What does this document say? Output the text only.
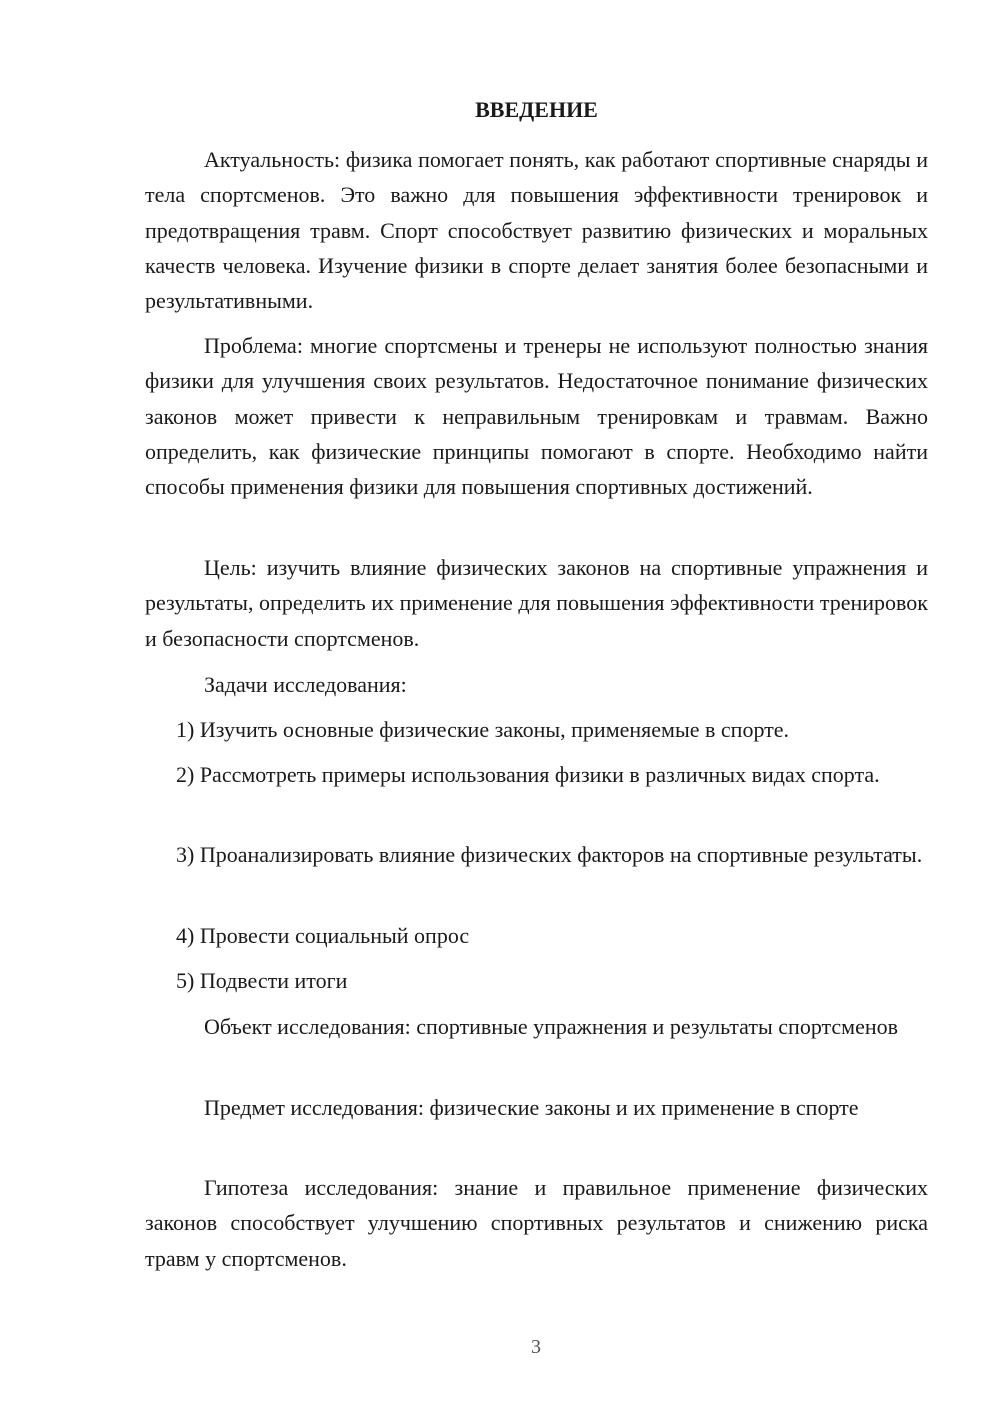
ВВЕДЕНИЕ

Актуальность: физика помогает понять, как работают спортивные снаряды и тела спортсменов. Это важно для повышения эффективности тренировок и предотвращения травм. Спорт способствует развитию физических и моральных качеств человека. Изучение физики в спорте делает занятия более безопасными и результативными.

Проблема: многие спортсмены и тренеры не используют полностью знания физики для улучшения своих результатов. Недостаточное понимание физических законов может привести к неправильным тренировкам и травмам. Важно определить, как физические принципы помогают в спорте. Необходимо найти способы применения физики для повышения спортивных достижений.

Цель: изучить влияние физических законов на спортивные упражнения и результаты, определить их применение для повышения эффективности тренировок и безопасности спортсменов.

Задачи исследования:

1) Изучить основные физические законы, применяемые в спорте.

2) Рассмотреть примеры использования физики в различных видах спорта.

3) Проанализировать влияние физических факторов на спортивные результаты.

4) Провести социальный опрос

5) Подвести итоги

Объект исследования: спортивные упражнения и результаты спортсменов

Предмет исследования: физические законы и их применение в спорте

Гипотеза исследования: знание и правильное применение физических законов способствует улучшению спортивных результатов и снижению риска травм у спортсменов.

3
